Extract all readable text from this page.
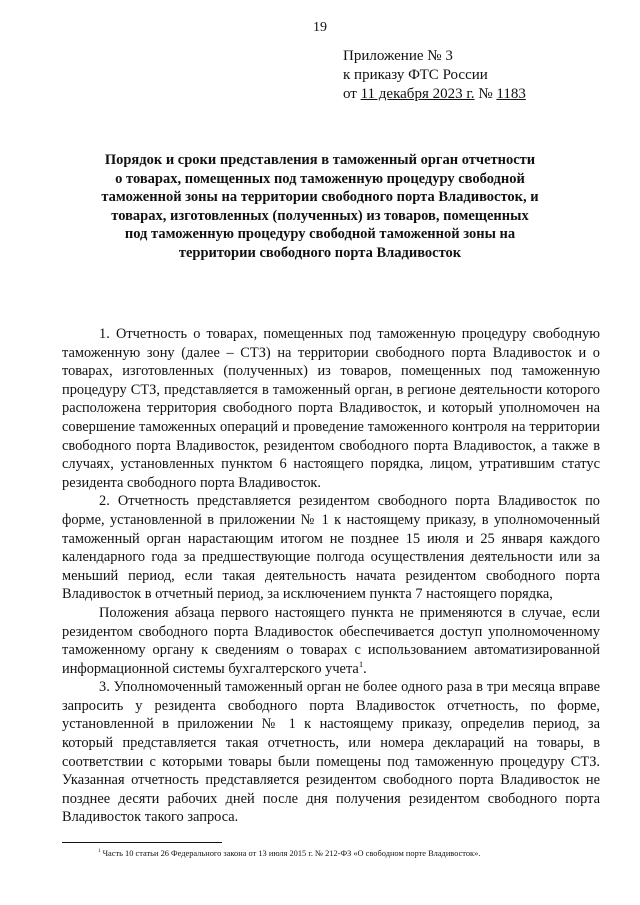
19
Приложение № 3
к приказу ФТС России
от 11 декабря 2023 г. № 1183
Порядок и сроки представления в таможенный орган отчетности о товарах, помещенных под таможенную процедуру свободной таможенной зоны на территории свободного порта Владивосток, и товарах, изготовленных (полученных) из товаров, помещенных под таможенную процедуру свободной таможенной зоны на территории свободного порта Владивосток

1. Отчетность о товарах, помещенных под таможенную процедуру свободную таможенную зону (далее – СТЗ) на территории свободного порта Владивосток и о товарах, изготовленных (полученных) из товаров, помещенных под таможенную процедуру СТЗ, представляется в таможенный орган, в регионе деятельности которого расположена территория свободного порта Владивосток, и который уполномочен на совершение таможенных операций и проведение таможенного контроля на территории свободного порта Владивосток, резидентом свободного порта Владивосток, а также в случаях, установленных пунктом 6 настоящего порядка, лицом, утратившим статус резидента свободного порта Владивосток.

2. Отчетность представляется резидентом свободного порта Владивосток по форме, установленной в приложении № 1 к настоящему приказу, в уполномоченный таможенный орган нарастающим итогом не позднее 15 июля и 25 января каждого календарного года за предшествующие полгода осуществления деятельности или за меньший период, если такая деятельность начата резидентом свободного порта Владивосток в отчетный период, за исключением пункта 7 настоящего порядка,

Положения абзаца первого настоящего пункта не применяются в случае, если резидентом свободного порта Владивосток обеспечивается доступ уполномоченному таможенному органу к сведениям о товарах с использованием автоматизированной информационной системы бухгалтерского учета$^1$.

3. Уполномоченный таможенный орган не более одного раза в три месяца вправе запросить у резидента свободного порта Владивосток отчетность, по форме, установленной в приложении № 1 к настоящему приказу, определив период, за который представляется такая отчетность, или номера деклараций на товары, в соответствии с которыми товары были помещены под таможенную процедуру СТЗ. Указанная отчетность представляется резидентом свободного порта Владивосток не позднее десяти рабочих дней после дня получения резидентом свободного порта Владивосток такого запроса.

$^1$ Часть 10 статьи 26 Федерального закона от 13 июля 2015 г. № 212-ФЗ «О свободном порте Владивосток».
